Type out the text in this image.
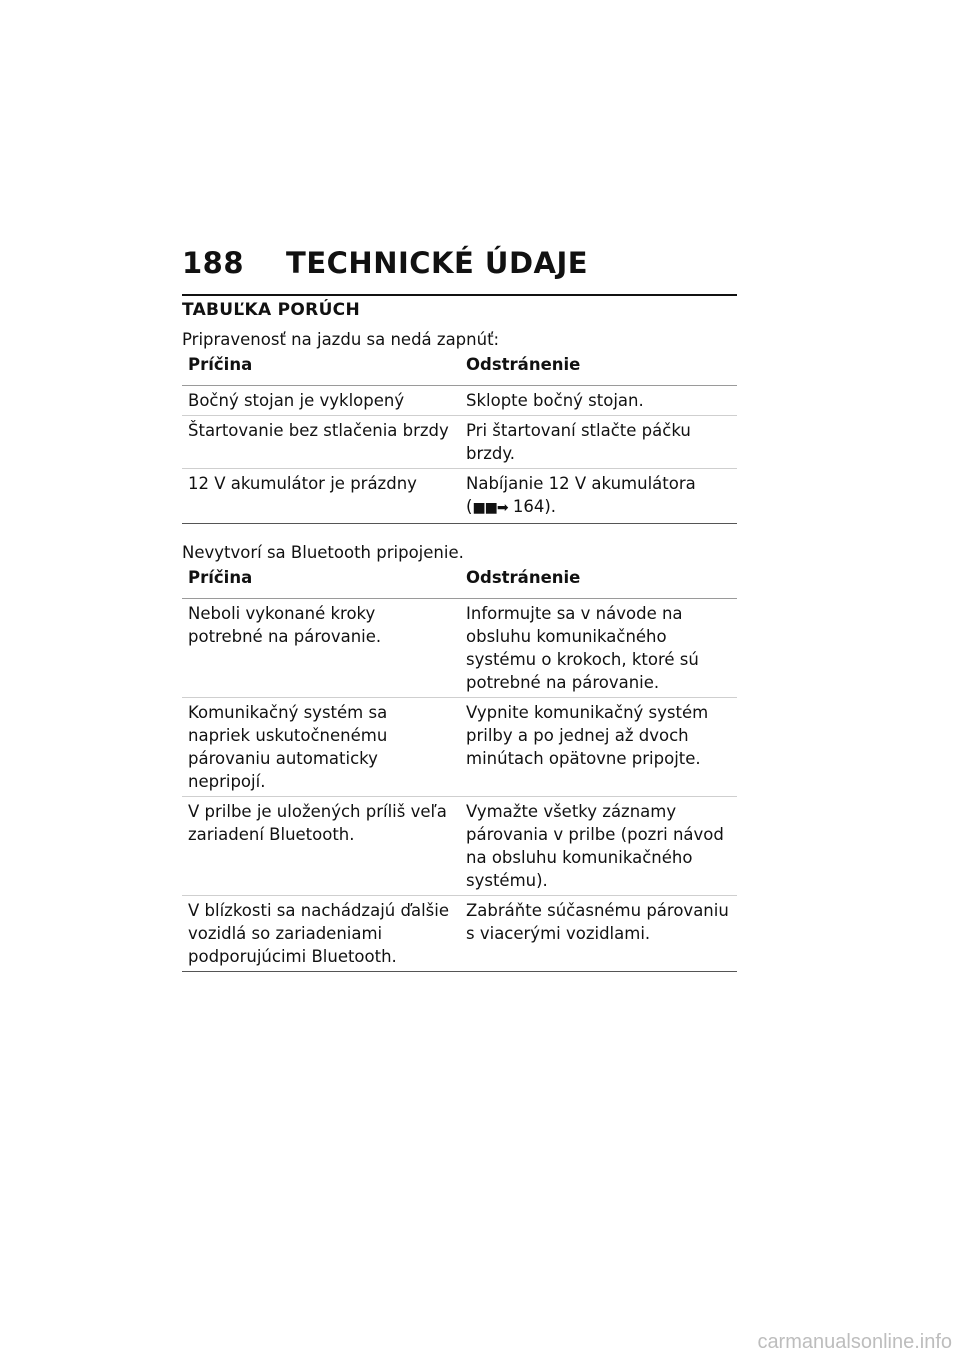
188 TECHNICKÉ ÚDAJE
TABUĽKA PORÚCH
Pripravenosť na jazdu sa nedá zapnúť:
Príčina	Odstránenie
Bočný stojan je vyklopený	Sklopte bočný stojan.
Štartovanie bez stlačenia brzdy	Pri štartovaní stlačte páčku brzdy.
12 V akumulátor je prázdny	Nabíjanie 12 V akumulátora (■■➡ 164).
Nevytvorí sa Bluetooth pripojenie.
Príčina	Odstránenie
Neboli vykonané kroky potrebné na párovanie.	Informujte sa v návode na obsluhu komunikačného systému o krokoch, ktoré sú potrebné na párovanie.
Komunikačný systém sa napriek uskutočnenému párovaniu automaticky nepripojí.	Vypnite komunikačný systém prilby a po jednej až dvoch minútach opätovne pripojte.
V prilbe je uložených príliš veľa zariadení Bluetooth.	Vymažte všetky záznamy párovania v prilbe (pozri návod na obsluhu komunikačného systému).
V blízkosti sa nachádzajú ďalšie vozidlá so zariadeniami podporujúcimi Bluetooth.	Zabráňte súčasnému párovaniu s viacerými vozidlami.
carmanualsonline.info
